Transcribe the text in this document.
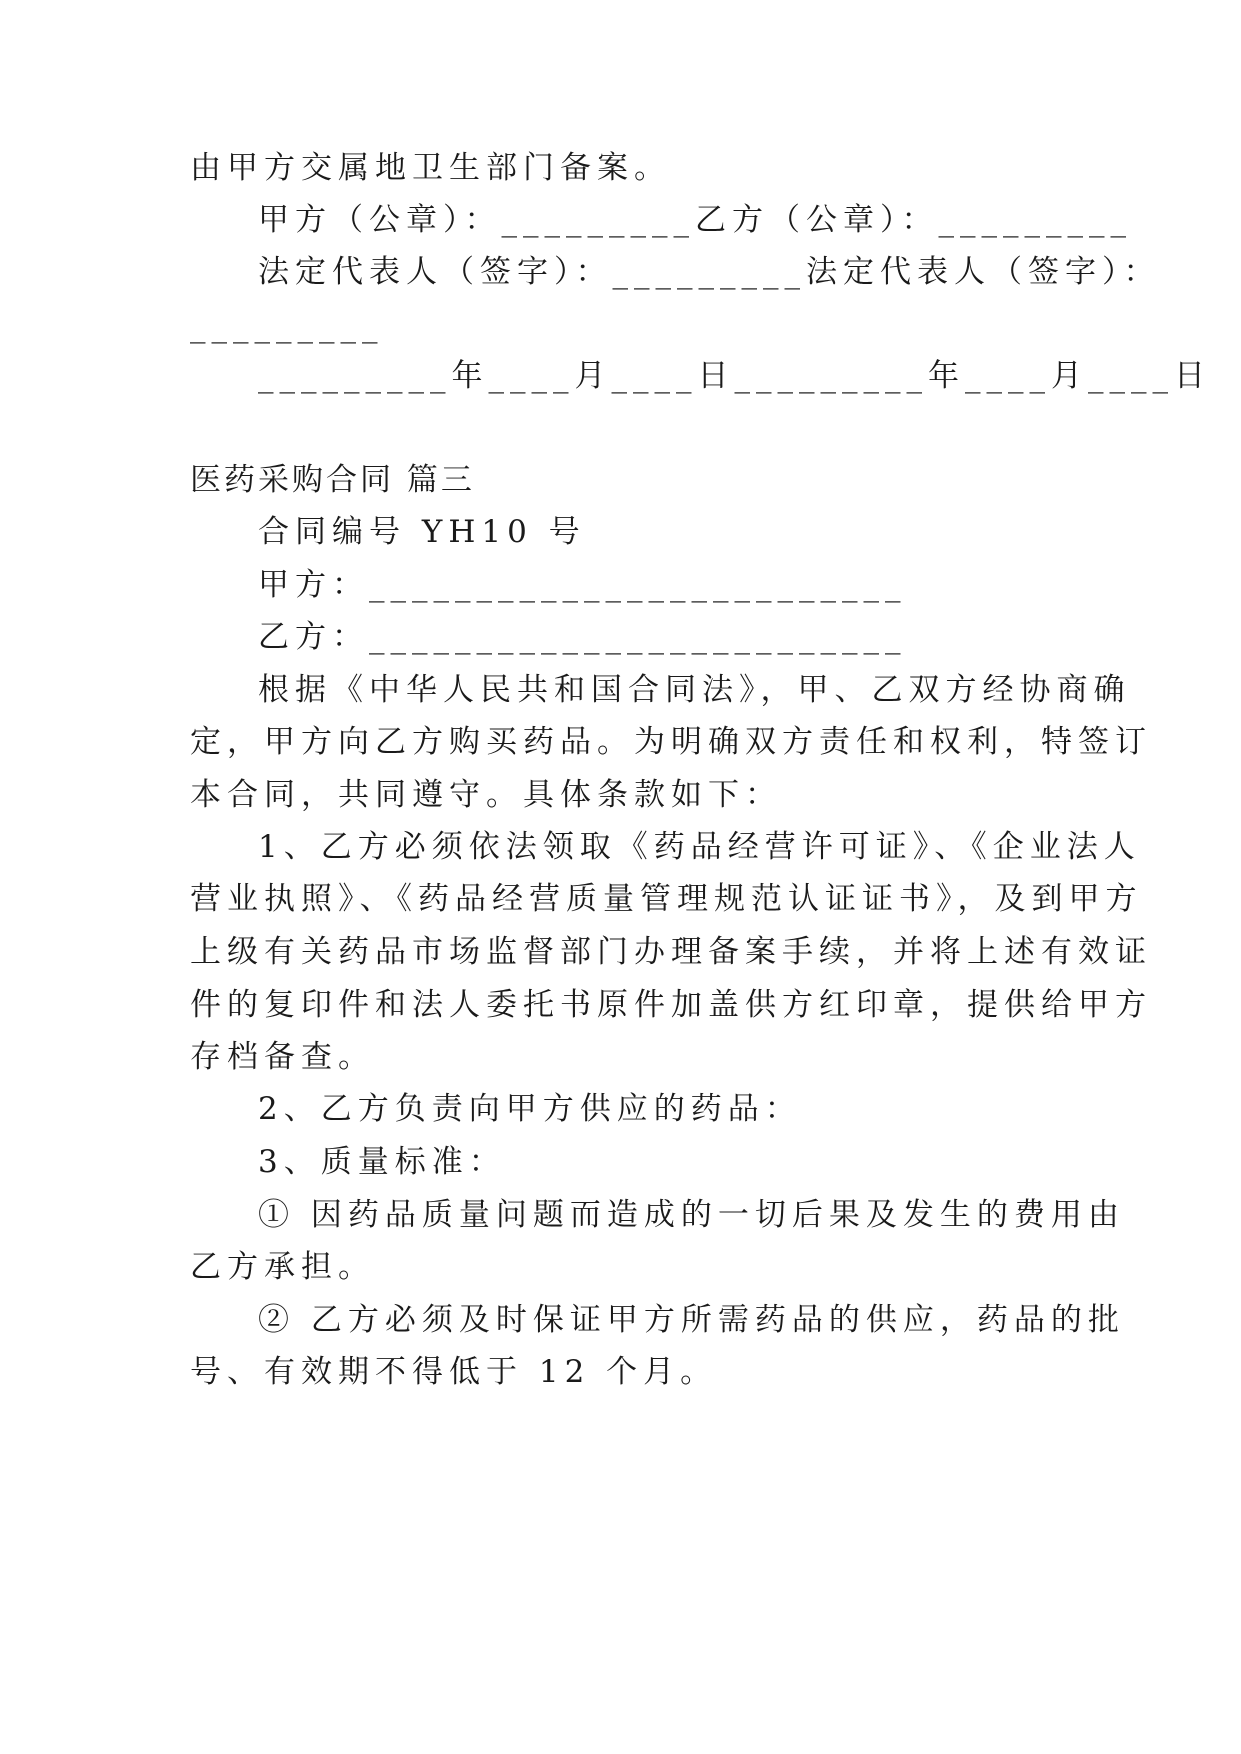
由甲方交属地卫生部门备案。
甲方（公章）：_________乙方（公章）：_________
法定代表人（签字）：_________法定代表人（签字）：
_________
_________年____月____日_________年____月____日
医药采购合同 篇三
合同编号 YH10 号
甲方：_________________________
乙方：_________________________
根据《中华人民共和国合同法》，甲、乙双方经协商确
定，甲方向乙方购买药品。为明确双方责任和权利，特签订
本合同，共同遵守。具体条款如下：
1、乙方必须依法领取《药品经营许可证》、《企业法人
营业执照》、《药品经营质量管理规范认证证书》，及到甲方
上级有关药品市场监督部门办理备案手续，并将上述有效证
件的复印件和法人委托书原件加盖供方红印章，提供给甲方
存档备查。
2、乙方负责向甲方供应的药品：
3、质量标准：
① 因药品质量问题而造成的一切后果及发生的费用由
乙方承担。
② 乙方必须及时保证甲方所需药品的供应，药品的批
号、有效期不得低于 12 个月。
